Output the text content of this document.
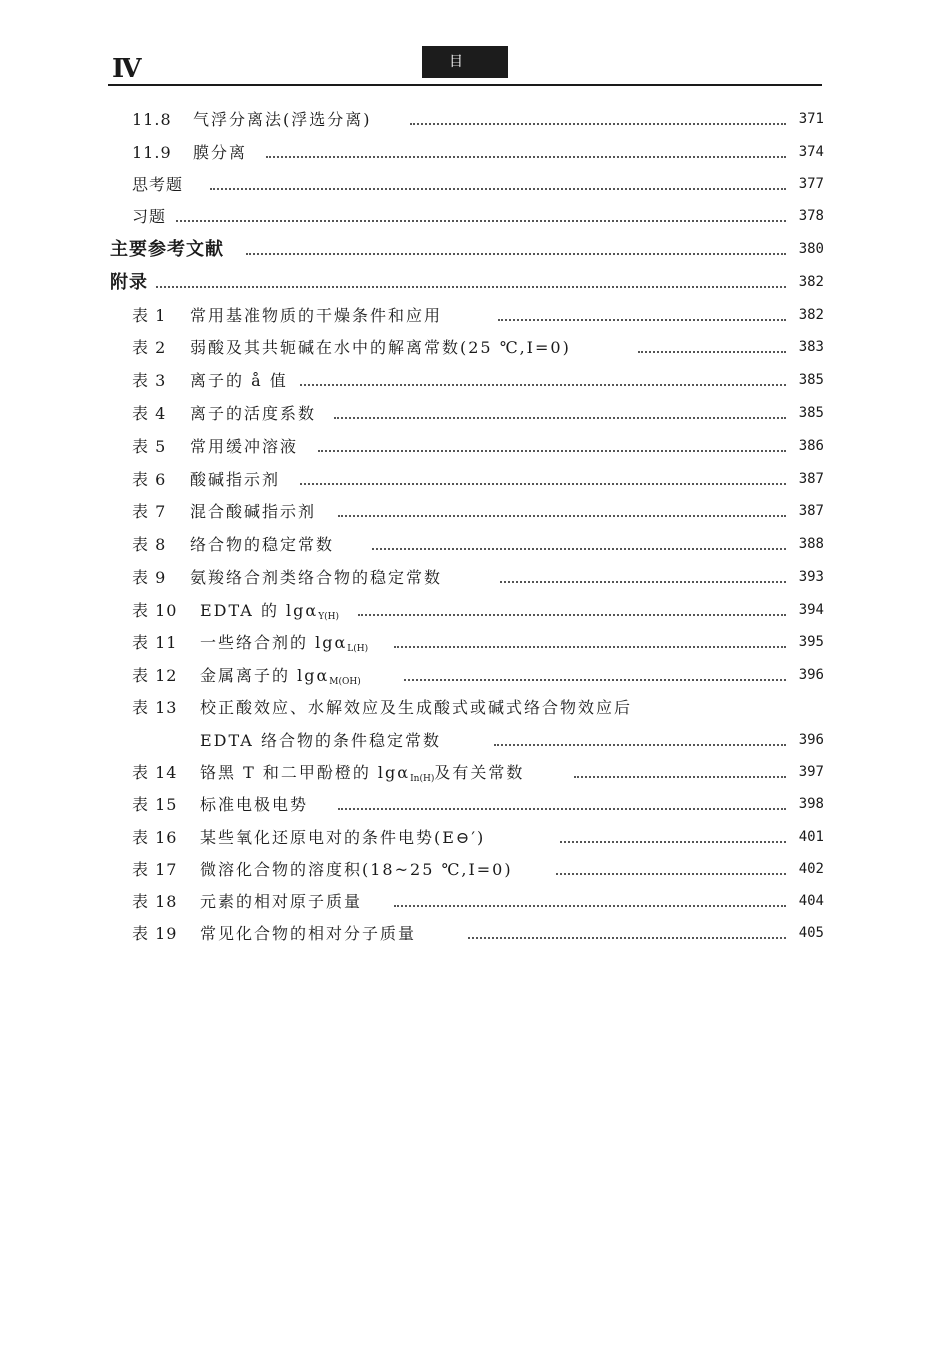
Ⅳ	目 录
11.8 气浮分离法(浮选分离)	371
11.9 膜分离	374
思考题	377
习题	378
主要参考文献	380
附录	382
表 1 常用基准物质的干燥条件和应用	382
表 2 弱酸及其共轭碱在水中的解离常数(25 ℃,I=0)	383
表 3 离子的 å 值	385
表 4 离子的活度系数	385
表 5 常用缓冲溶液	386
表 6 酸碱指示剂	387
表 7 混合酸碱指示剂	387
表 8 络合物的稳定常数	388
表 9 氨羧络合剂类络合物的稳定常数	393
表 10 EDTA 的 lgα$_{Y(H)}$	394
表 11 一些络合剂的 lgα$_{L(H)}$	395
表 12 金属离子的 lgα$_{M(OH)}$	396
表 13 校正酸效应、水解效应及生成酸式或碱式络合物效应后
EDTA 络合物的条件稳定常数	396
表 14 铬黑 T 和二甲酚橙的 lgα$_{In(H)}$ 及有关常数	397
表 15 标准电极电势	398
表 16 某些氧化还原电对的条件电势(E⊖′)	401
表 17 微溶化合物的溶度积(18~25 ℃,I=0)	402
表 18 元素的相对原子质量	404
表 19 常见化合物的相对分子质量	405
